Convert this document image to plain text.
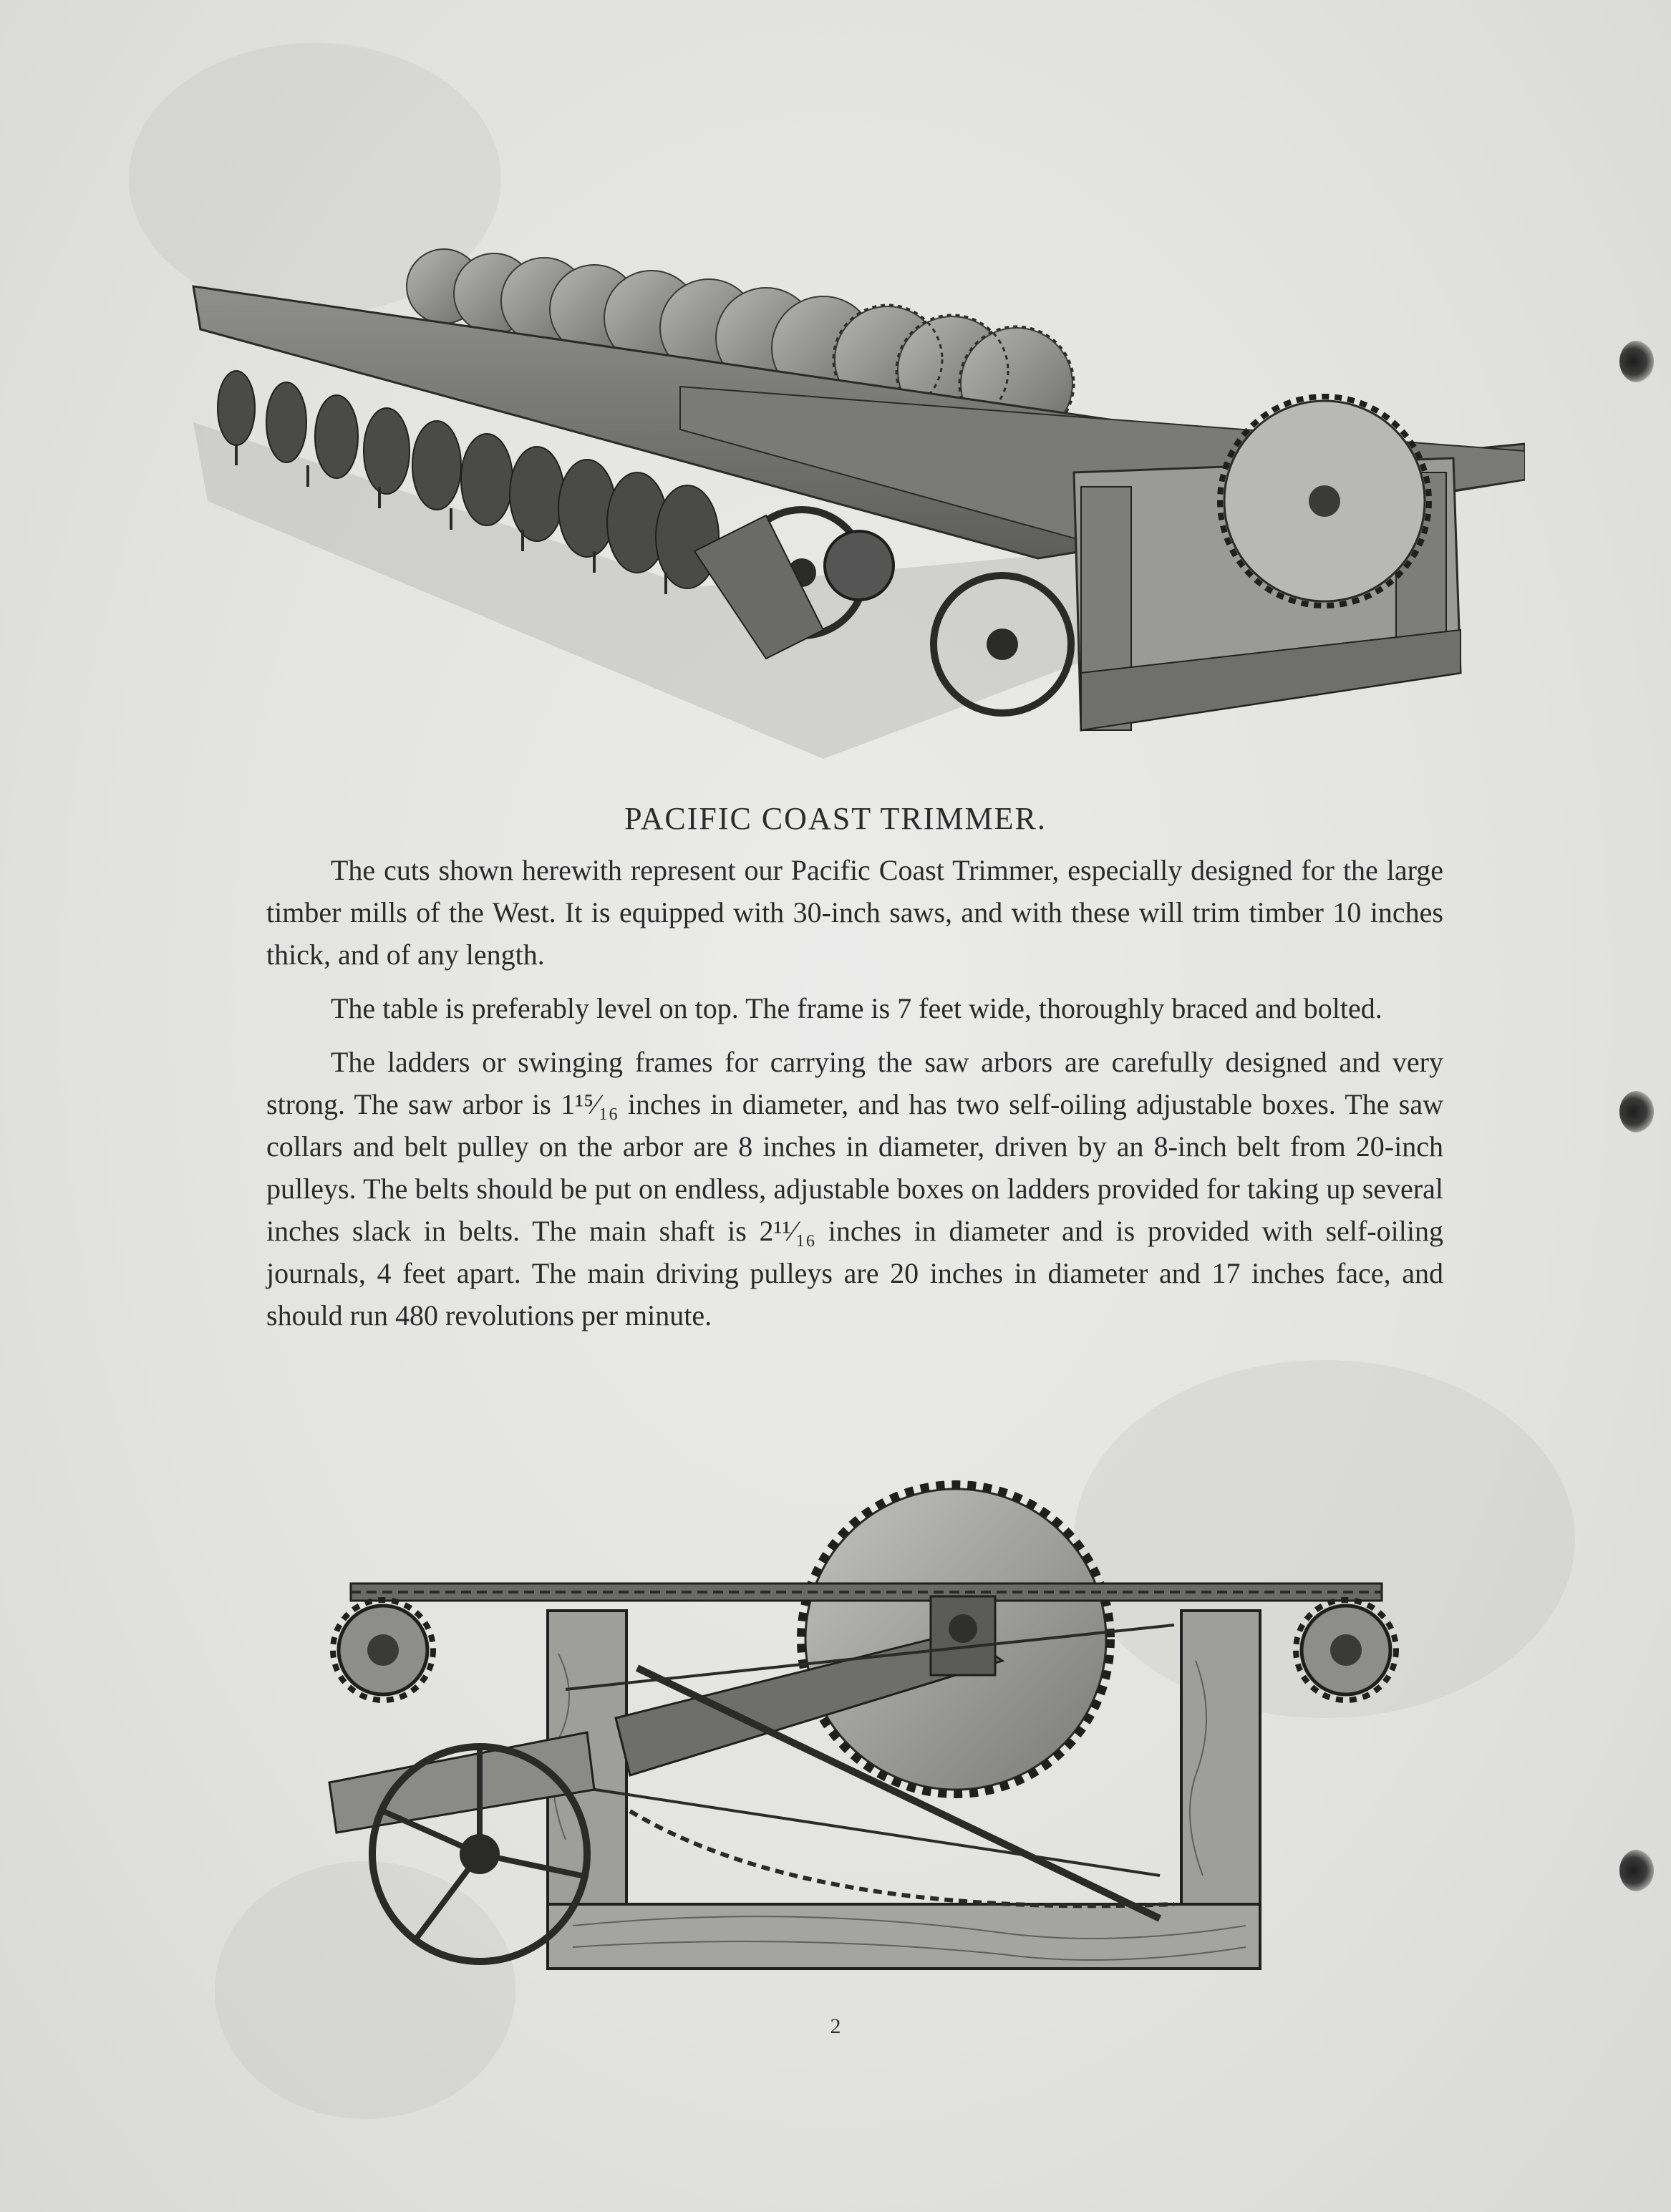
PACIFIC COAST TRIMMER.

The cuts shown herewith represent our Pacific Coast Trimmer, especially designed for the large timber mills of the West. It is equipped with 30-inch saws, and with these will trim timber 10 inches thick, and of any length.

The table is preferably level on top. The frame is 7 feet wide, thoroughly braced and bolted.

The ladders or swinging frames for carrying the saw arbors are carefully designed and very strong. The saw arbor is 1¹⁵⁄₁₆ inches in diameter, and has two self-oiling adjustable boxes. The saw collars and belt pulley on the arbor are 8 inches in diameter, driven by an 8-inch belt from 20-inch pulleys. The belts should be put on endless, adjustable boxes on ladders provided for taking up several inches slack in belts. The main shaft is 2¹¹⁄₁₆ inches in diameter and is provided with self-oiling journals, 4 feet apart. The main driving pulleys are 20 inches in diameter and 17 inches face, and should run 480 revolutions per minute.

2
